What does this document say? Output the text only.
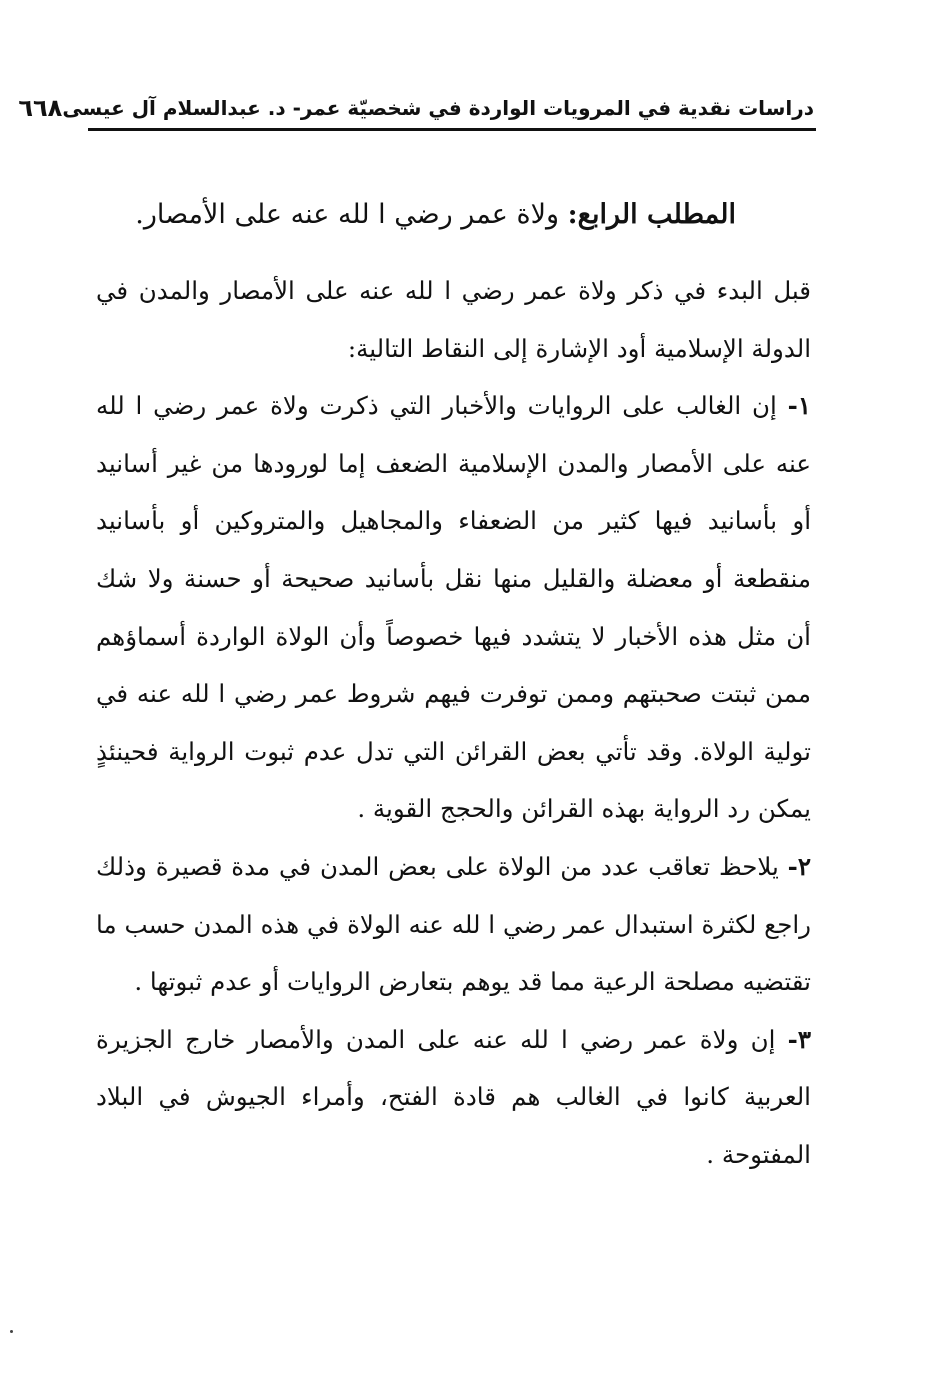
دراسات نقدية في المرويات الواردة في شخصيّة عمر- د. عبدالسلام آل عيسى
٦٦٨
المطلب الرابع: ولاة عمر رضي ا لله عنه على الأمصار.

قبل البدء في ذكر ولاة عمر رضي ا لله عنه على الأمصار والمدن في الدولة الإسلامية أود الإشارة إلى النقاط التالية:

١- إن الغالب على الروايات والأخبار التي ذكرت ولاة عمر رضي ا لله عنه على الأمصار والمدن الإسلامية الضعف إما لورودها من غير أسانيد أو بأسانيد فيها كثير من الضعفاء والمجاهيل والمتروكين أو بأسانيد منقطعة أو معضلة والقليل منها نقل بأسانيد صحيحة أو حسنة ولا شك أن مثل هذه الأخبار لا يتشدد فيها خصوصاً وأن الولاة الواردة أسماؤهم ممن ثبتت صحبتهم وممن توفرت فيهم شروط عمر رضي ا لله عنه في تولية الولاة. وقد تأتي بعض القرائن التي تدل عدم ثبوت الرواية فحينئذٍ يمكن رد الرواية بهذه القرائن والحجج القوية .

٢- يلاحظ تعاقب عدد من الولاة على بعض المدن في مدة قصيرة وذلك راجع لكثرة استبدال عمر رضي ا لله عنه الولاة في هذه المدن حسب ما تقتضيه مصلحة الرعية مما قد يوهم بتعارض الروايات أو عدم ثبوتها .

٣- إن ولاة عمر رضي ا لله عنه على المدن والأمصار خارج الجزيرة العربية كانوا في الغالب هم قادة الفتح، وأمراء الجيوش في البلاد المفتوحة .
